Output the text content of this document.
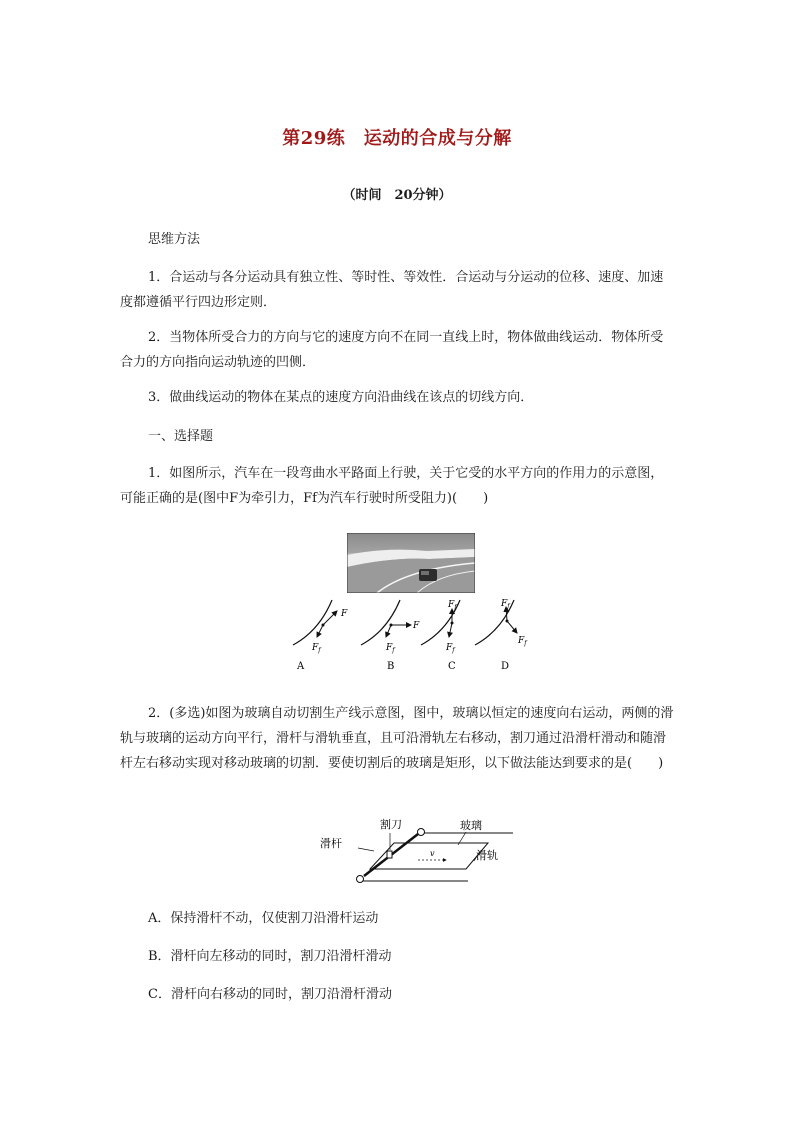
第29练　运动的合成与分解
（时间　20分钟）
思维方法
1．合运动与各分运动具有独立性、等时性、等效性．合运动与分运动的位移、速度、加速度都遵循平行四边形定则．
2．当物体所受合力的方向与它的速度方向不在同一直线上时，物体做曲线运动．物体所受合力的方向指向运动轨迹的凹侧．
3．做曲线运动的物体在某点的速度方向沿曲线在该点的切线方向．
一、选择题
1．如图所示，汽车在一段弯曲水平路面上行驶，关于它受的水平方向的作用力的示意图，可能正确的是(图中F为牵引力，Ff为汽车行驶时所受阻力)(　　)
F
$F_f$
A
F
$F_f$
B
$F_f$
$F_f$
C
$F_f$
$F_f$
D
2．(多选)如图为玻璃自动切割生产线示意图，图中，玻璃以恒定的速度向右运动，两侧的滑轨与玻璃的运动方向平行，滑杆与滑轨垂直，且可沿滑轨左右移动，割刀通过沿滑杆滑动和随滑杆左右移动实现对移动玻璃的切割．要使切割后的玻璃是矩形，以下做法能达到要求的是(　　)
v
割刀	玻璃
滑杆
滑轨
A．保持滑杆不动，仅使割刀沿滑杆运动
B．滑杆向左移动的同时，割刀沿滑杆滑动
C．滑杆向右移动的同时，割刀沿滑杆滑动
